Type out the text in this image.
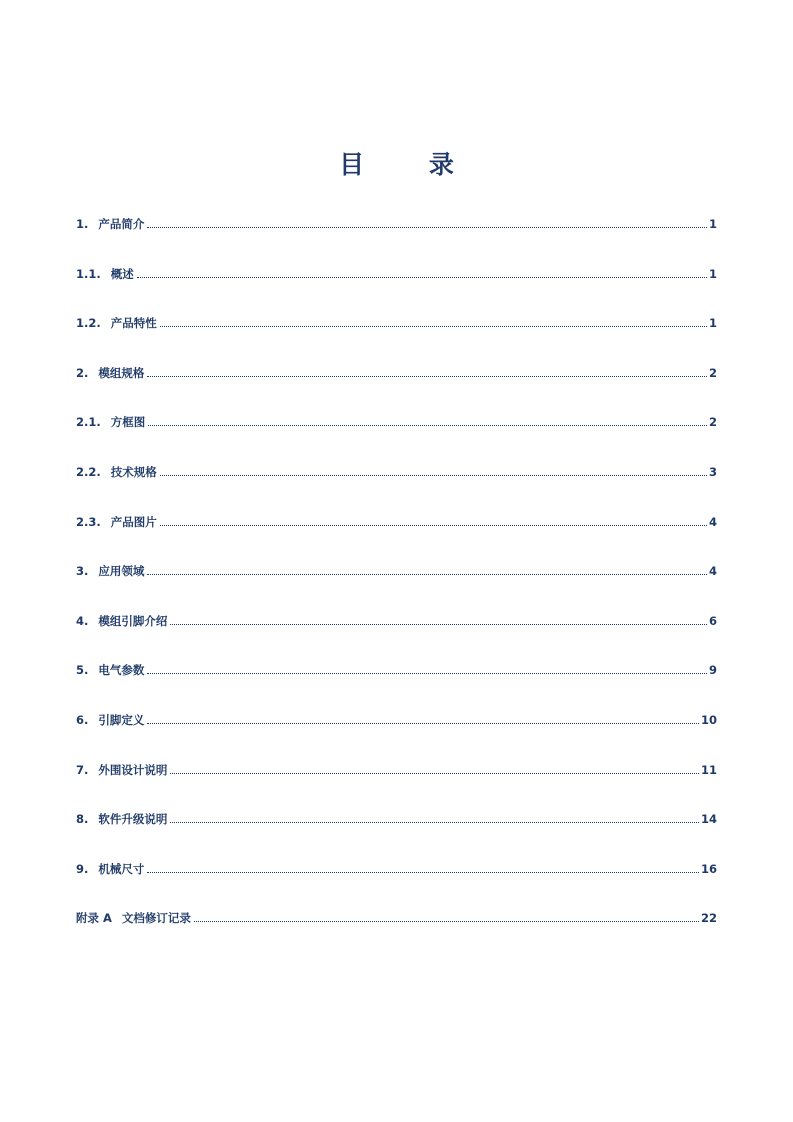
目 录
1. 产品简介	1
1.1. 概述	1
1.2. 产品特性	1
2. 模组规格	2
2.1. 方框图	2
2.2. 技术规格	3
2.3. 产品图片	4
3. 应用领域	4
4. 模组引脚介绍	6
5. 电气参数	9
6. 引脚定义	10
7. 外围设计说明	11
8. 软件升级说明	14
9. 机械尺寸	16
附录 A 文档修订记录	22
